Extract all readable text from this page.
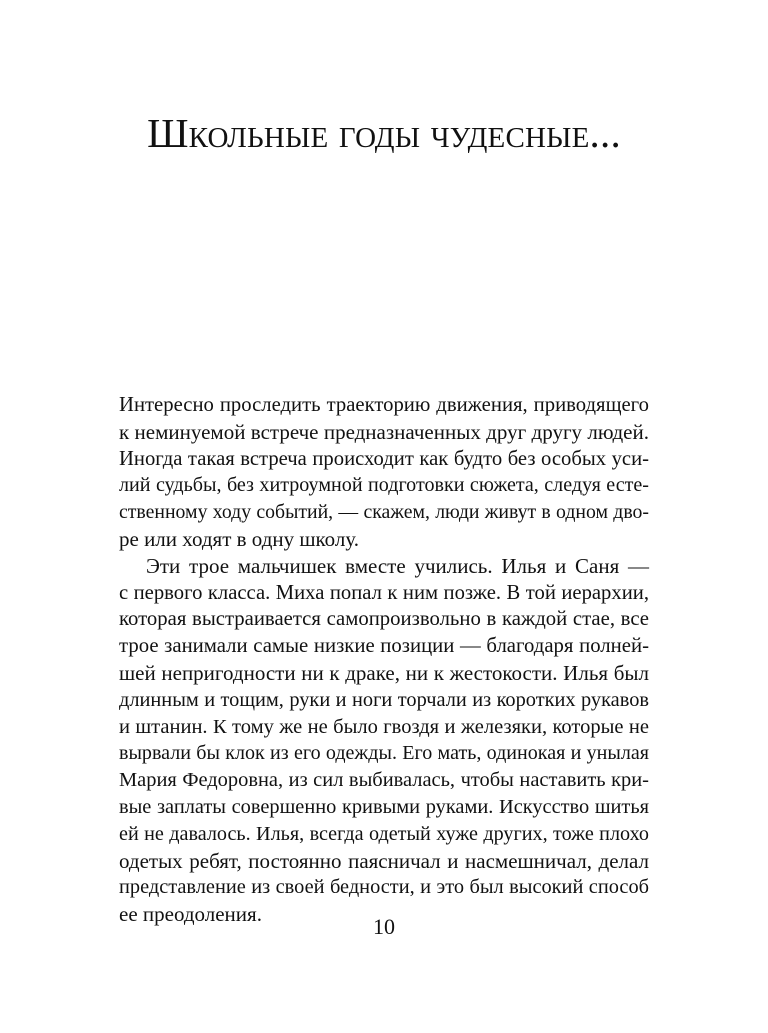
Школьные годы чудесные...
Интересно проследить траекторию движения, приводящего
к неминуемой встрече предназначенных друг другу людей.
Иногда такая встреча происходит как будто без особых уси-
лий судьбы, без хитроумной подготовки сюжета, следуя есте-
ственному ходу событий, — скажем, люди живут в одном дво-
ре или ходят в одну школу.
Эти трое мальчишек вместе учились. Илья и Саня —
с первого класса. Миха попал к ним позже. В той иерархии,
которая выстраивается самопроизвольно в каждой стае, все
трое занимали самые низкие позиции — благодаря полней-
шей непригодности ни к драке, ни к жестокости. Илья был
длинным и тощим, руки и ноги торчали из коротких рукавов
и штанин. К тому же не было гвоздя и железяки, которые не
вырвали бы клок из его одежды. Его мать, одинокая и унылая
Мария Федоровна, из сил выбивалась, чтобы наставить кри-
вые заплаты совершенно кривыми руками. Искусство шитья
ей не давалось. Илья, всегда одетый хуже других, тоже плохо
одетых ребят, постоянно паясничал и насмешничал, делал
представление из своей бедности, и это был высокий способ
ее преодоления.	10
